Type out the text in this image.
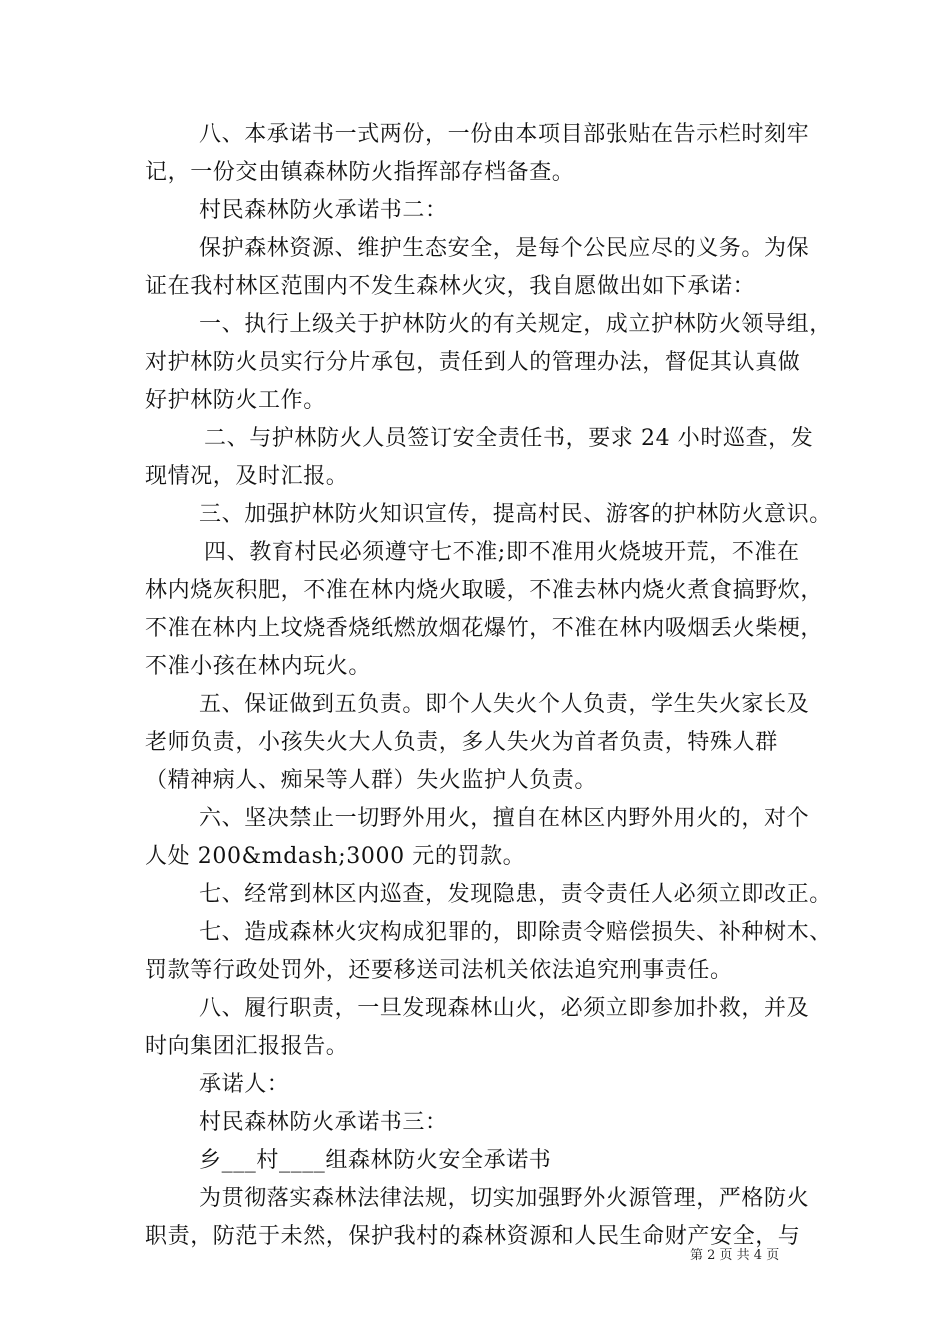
八、本承诺书一式两份，一份由本项目部张贴在告示栏时刻牢
记，一份交由镇森林防火指挥部存档备查。
村民森林防火承诺书二：
保护森林资源、维护生态安全，是每个公民应尽的义务。为保
证在我村林区范围内不发生森林火灾，我自愿做出如下承诺：
一、执行上级关于护林防火的有关规定，成立护林防火领导组，
对护林防火员实行分片承包，责任到人的管理办法，督促其认真做
好护林防火工作。
二、与护林防火人员签订安全责任书，要求 24 小时巡查，发
现情况，及时汇报。
三、加强护林防火知识宣传，提高村民、游客的护林防火意识。
四、教育村民必须遵守七不准;即不准用火烧坡开荒，不准在
林内烧灰积肥，不准在林内烧火取暖，不准去林内烧火煮食搞野炊，
不准在林内上坟烧香烧纸燃放烟花爆竹，不准在林内吸烟丢火柴梗，
不准小孩在林内玩火。
五、保证做到五负责。即个人失火个人负责，学生失火家长及
老师负责，小孩失火大人负责，多人失火为首者负责，特殊人群
（精神病人、痴呆等人群）失火监护人负责。
六、坚决禁止一切野外用火，擅自在林区内野外用火的，对个
人处 200&mdash;3000 元的罚款。
七、经常到林区内巡查，发现隐患，责令责任人必须立即改正。
七、造成森林火灾构成犯罪的，即除责令赔偿损失、补种树木、
罚款等行政处罚外，还要移送司法机关依法追究刑事责任。
八、履行职责，一旦发现森林山火，必须立即参加扑救，并及
时向集团汇报报告。
承诺人：
村民森林防火承诺书三：
乡___村____组森林防火安全承诺书
为贯彻落实森林法律法规，切实加强野外火源管理，严格防火
职责，防范于未然，保护我村的森林资源和人民生命财产安全，与
第 2 页 共 4 页
